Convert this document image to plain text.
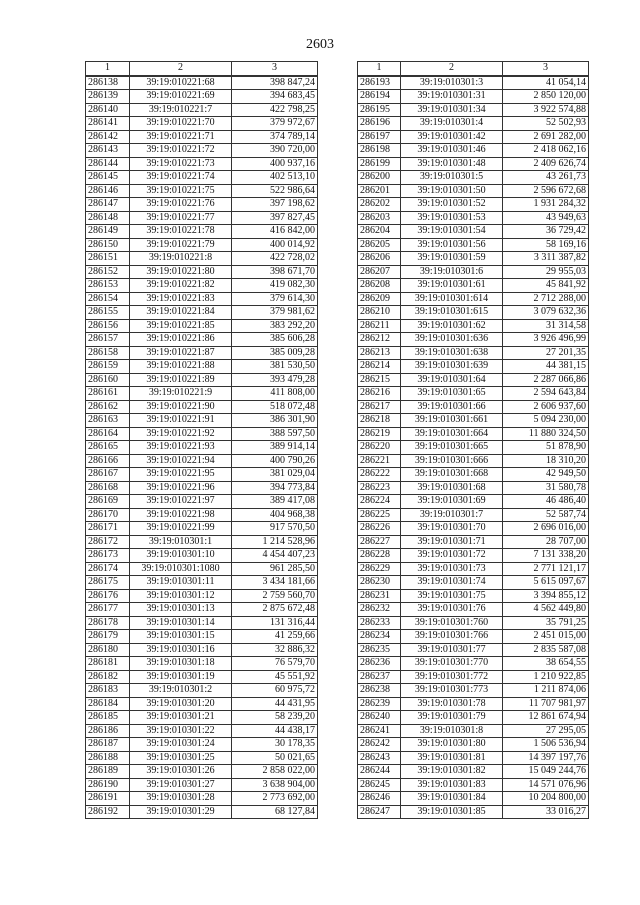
2603
1	2	3
286138	39:19:010221:68	398 847,24
286139	39:19:010221:69	394 683,45
286140	39:19:010221:7	422 798,25
286141	39:19:010221:70	379 972,67
286142	39:19:010221:71	374 789,14
286143	39:19:010221:72	390 720,00
286144	39:19:010221:73	400 937,16
286145	39:19:010221:74	402 513,10
286146	39:19:010221:75	522 986,64
286147	39:19:010221:76	397 198,62
286148	39:19:010221:77	397 827,45
286149	39:19:010221:78	416 842,00
286150	39:19:010221:79	400 014,92
286151	39:19:010221:8	422 728,02
286152	39:19:010221:80	398 671,70
286153	39:19:010221:82	419 082,30
286154	39:19:010221:83	379 614,30
286155	39:19:010221:84	379 981,62
286156	39:19:010221:85	383 292,20
286157	39:19:010221:86	385 606,28
286158	39:19:010221:87	385 009,28
286159	39:19:010221:88	381 530,50
286160	39:19:010221:89	393 479,28
286161	39:19:010221:9	411 808,00
286162	39:19:010221:90	518 072,48
286163	39:19:010221:91	386 301,90
286164	39:19:010221:92	388 597,50
286165	39:19:010221:93	389 914,14
286166	39:19:010221:94	400 790,26
286167	39:19:010221:95	381 029,04
286168	39:19:010221:96	394 773,84
286169	39:19:010221:97	389 417,08
286170	39:19:010221:98	404 968,38
286171	39:19:010221:99	917 570,50
286172	39:19:010301:1	1 214 528,96
286173	39:19:010301:10	4 454 407,23
286174	39:19:010301:1080	961 285,50
286175	39:19:010301:11	3 434 181,66
286176	39:19:010301:12	2 759 560,70
286177	39:19:010301:13	2 875 672,48
286178	39:19:010301:14	131 316,44
286179	39:19:010301:15	41 259,66
286180	39:19:010301:16	32 886,32
286181	39:19:010301:18	76 579,70
286182	39:19:010301:19	45 551,92
286183	39:19:010301:2	60 975,72
286184	39:19:010301:20	44 431,95
286185	39:19:010301:21	58 239,20
286186	39:19:010301:22	44 438,17
286187	39:19:010301:24	30 178,35
286188	39:19:010301:25	50 021,65
286189	39:19:010301:26	2 858 022,00
286190	39:19:010301:27	3 638 904,00
286191	39:19:010301:28	2 773 692,00
286192	39:19:010301:29	68 127,84
1	2	3
286193	39:19:010301:3	41 054,14
286194	39:19:010301:31	2 850 120,00
286195	39:19:010301:34	3 922 574,88
286196	39:19:010301:4	52 502,93
286197	39:19:010301:42	2 691 282,00
286198	39:19:010301:46	2 418 062,16
286199	39:19:010301:48	2 409 626,74
286200	39:19:010301:5	43 261,73
286201	39:19:010301:50	2 596 672,68
286202	39:19:010301:52	1 931 284,32
286203	39:19:010301:53	43 949,63
286204	39:19:010301:54	36 729,42
286205	39:19:010301:56	58 169,16
286206	39:19:010301:59	3 311 387,82
286207	39:19:010301:6	29 955,03
286208	39:19:010301:61	45 841,92
286209	39:19:010301:614	2 712 288,00
286210	39:19:010301:615	3 079 632,36
286211	39:19:010301:62	31 314,58
286212	39:19:010301:636	3 926 496,99
286213	39:19:010301:638	27 201,35
286214	39:19:010301:639	44 381,15
286215	39:19:010301:64	2 287 066,86
286216	39:19:010301:65	2 594 643,84
286217	39:19:010301:66	2 606 937,60
286218	39:19:010301:661	5 094 230,00
286219	39:19:010301:664	11 880 324,50
286220	39:19:010301:665	51 878,90
286221	39:19:010301:666	18 310,20
286222	39:19:010301:668	42 949,50
286223	39:19:010301:68	31 580,78
286224	39:19:010301:69	46 486,40
286225	39:19:010301:7	52 587,74
286226	39:19:010301:70	2 696 016,00
286227	39:19:010301:71	28 707,00
286228	39:19:010301:72	7 131 338,20
286229	39:19:010301:73	2 771 121,17
286230	39:19:010301:74	5 615 097,67
286231	39:19:010301:75	3 394 855,12
286232	39:19:010301:76	4 562 449,80
286233	39:19:010301:760	35 791,25
286234	39:19:010301:766	2 451 015,00
286235	39:19:010301:77	2 835 587,08
286236	39:19:010301:770	38 654,55
286237	39:19:010301:772	1 210 922,85
286238	39:19:010301:773	1 211 874,06
286239	39:19:010301:78	11 707 981,97
286240	39:19:010301:79	12 861 674,94
286241	39:19:010301:8	27 295,05
286242	39:19:010301:80	1 506 536,94
286243	39:19:010301:81	14 397 197,76
286244	39:19:010301:82	15 049 244,76
286245	39:19:010301:83	14 571 076,96
286246	39:19:010301:84	10 204 800,00
286247	39:19:010301:85	33 016,27
